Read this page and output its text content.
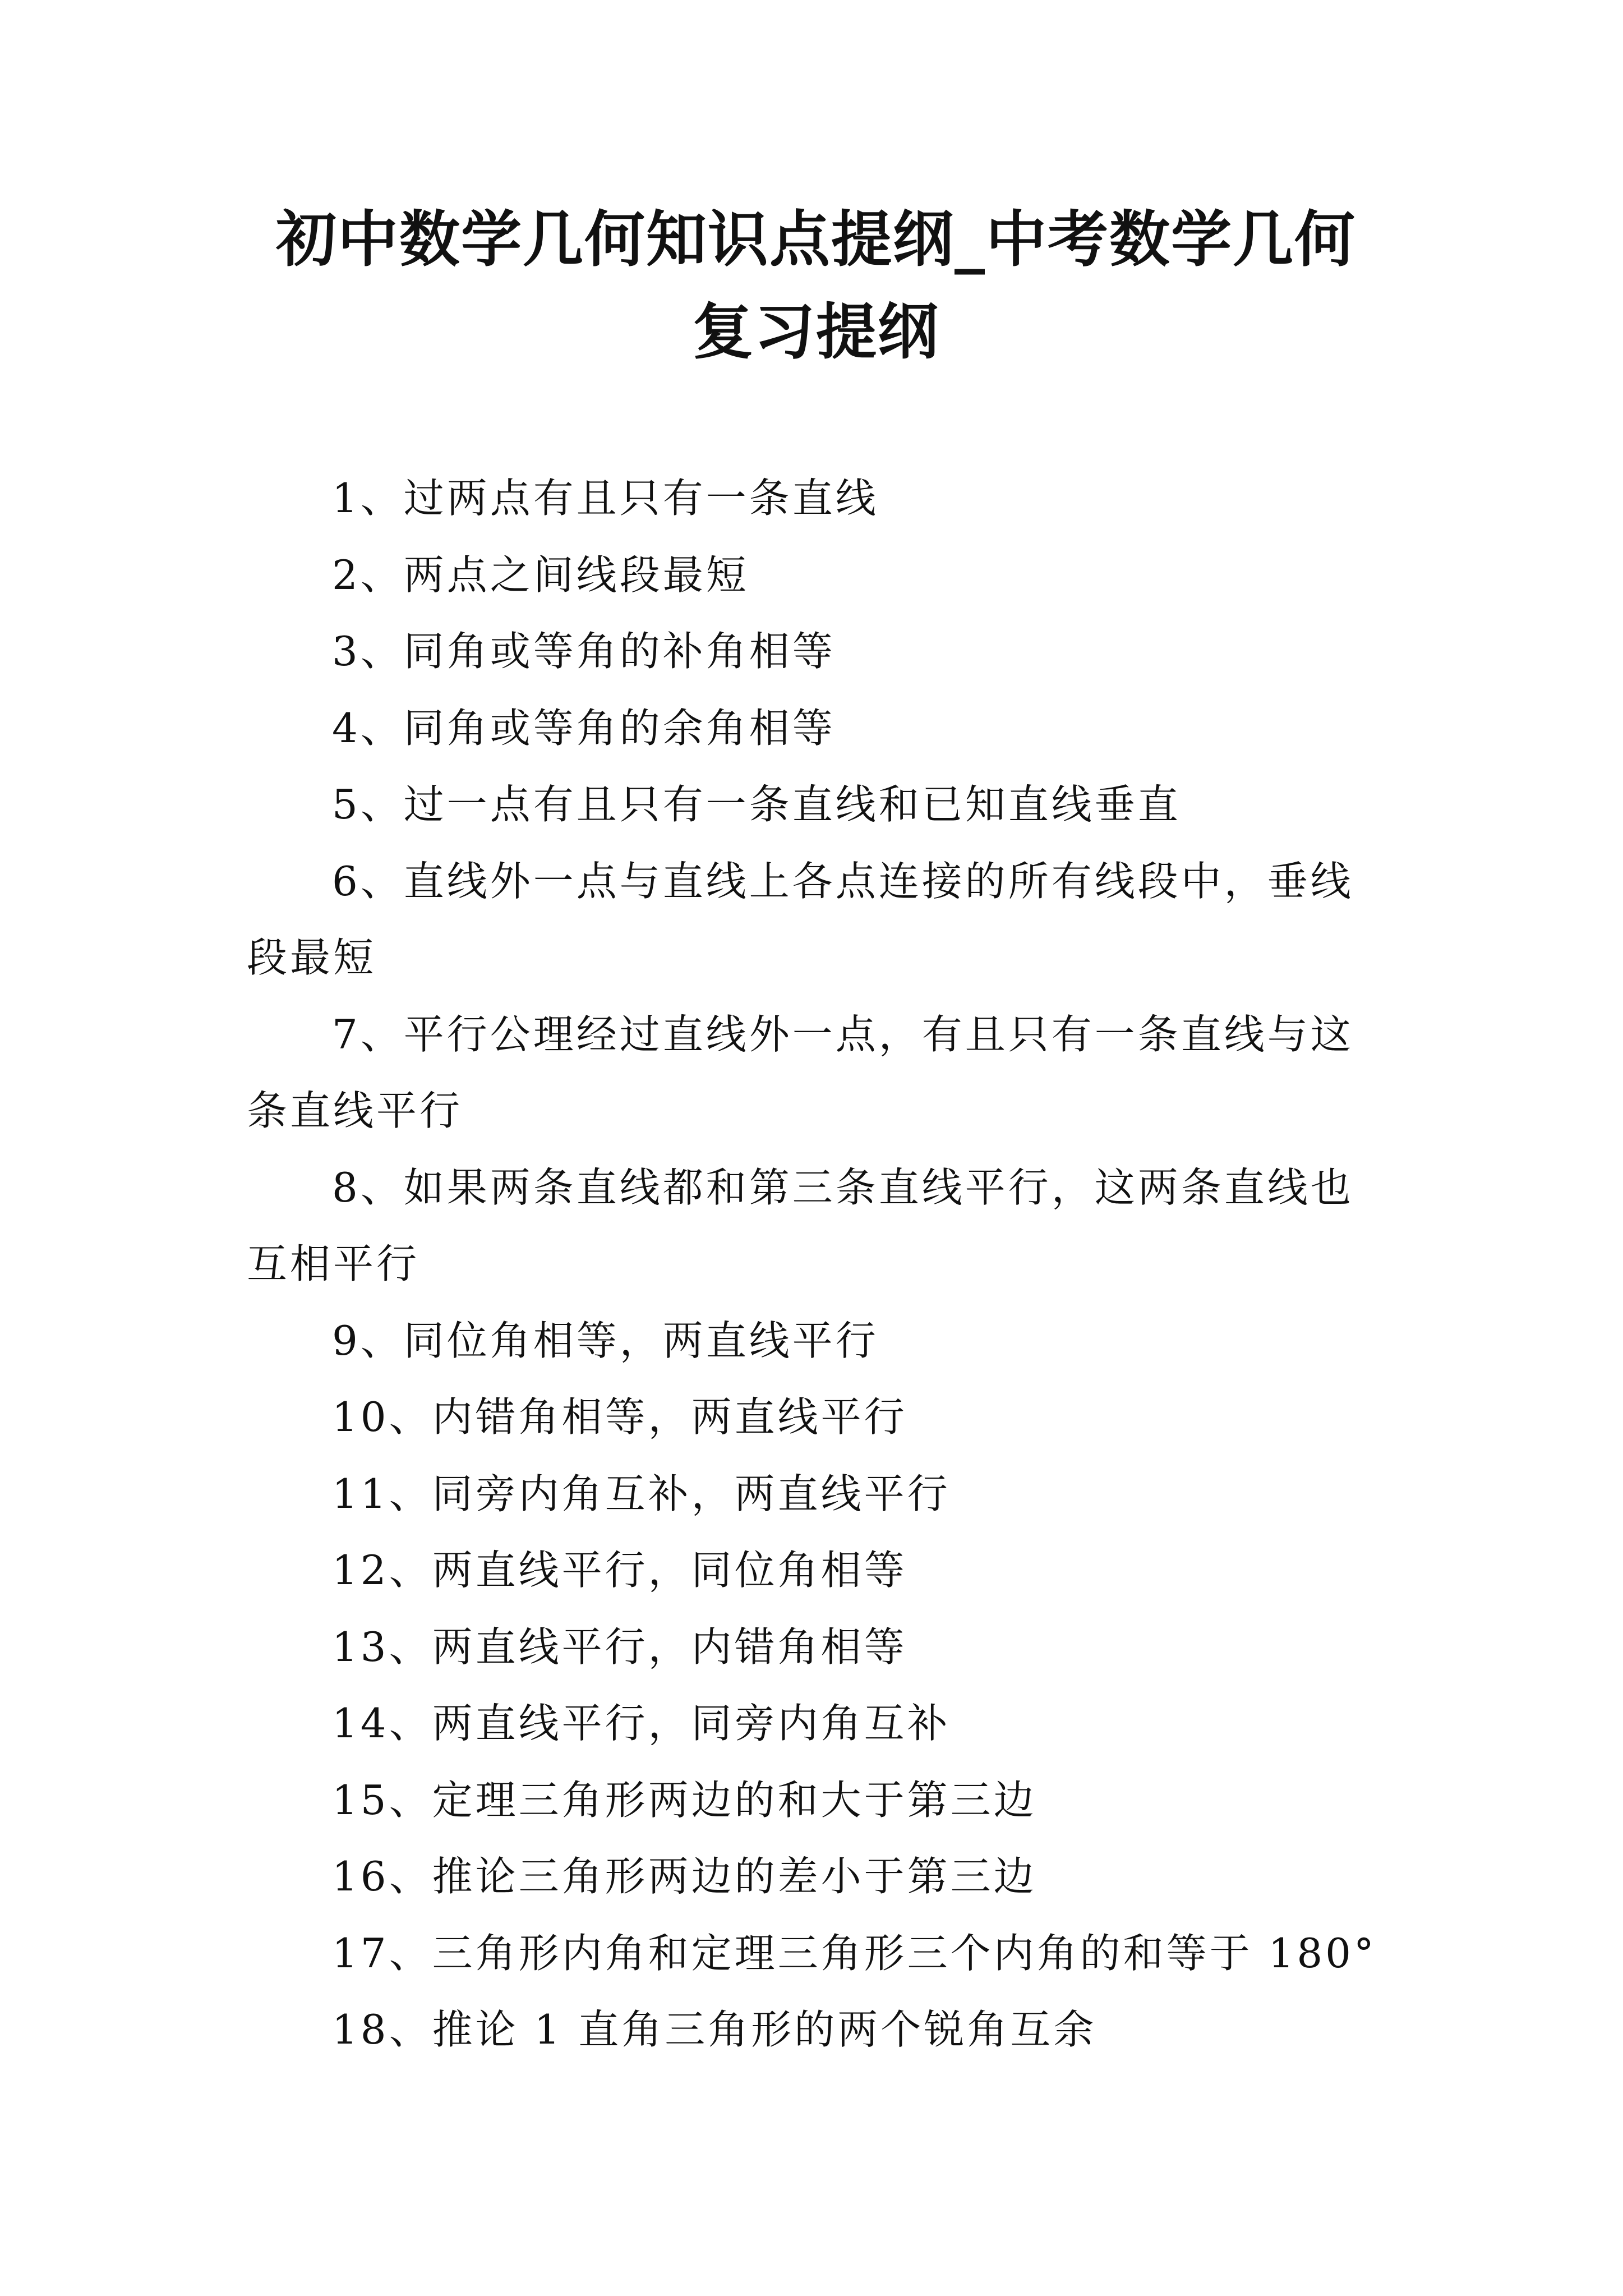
初中数学几何知识点提纲_中考数学几何复习提纲
1、过两点有且只有一条直线
2、两点之间线段最短
3、同角或等角的补角相等
4、同角或等角的余角相等
5、过一点有且只有一条直线和已知直线垂直
6、直线外一点与直线上各点连接的所有线段中，垂线段最短
7、平行公理经过直线外一点，有且只有一条直线与这条直线平行
8、如果两条直线都和第三条直线平行，这两条直线也互相平行
9、同位角相等，两直线平行
10、内错角相等，两直线平行
11、同旁内角互补，两直线平行
12、两直线平行，同位角相等
13、两直线平行，内错角相等
14、两直线平行，同旁内角互补
15、定理三角形两边的和大于第三边
16、推论三角形两边的差小于第三边
17、三角形内角和定理三角形三个内角的和等于 180°
18、推论 1 直角三角形的两个锐角互余
